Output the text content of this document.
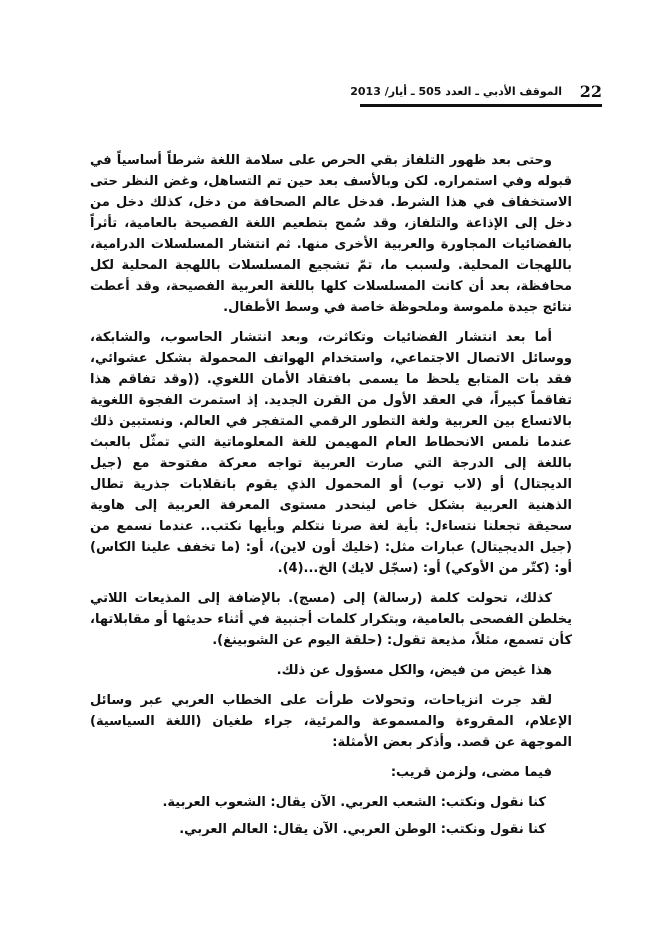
22
الموقف الأدبي ـ العدد 505 ـ أيار/ 2013

وحتى بعد ظهور التلفاز بقي الحرص على سلامة اللغة شرطاً أساسياً في قبوله وفي استمراره. لكن وبالأسف بعد حين تم التساهل، وغض النظر حتى الاستخفاف في هذا الشرط. فدخل عالم الصحافة من دخل، كذلك دخل من دخل إلى الإذاعة والتلفاز، وقد سُمح بتطعيم اللغة الفصيحة بالعامية، تأثراً بالفضائيات المجاورة والعربية الأخرى منها. ثم انتشار المسلسلات الدرامية، باللهجات المحلية. ولسبب ما، تمّ تشجيع المسلسلات باللهجة المحلية لكل محافظة، بعد أن كانت المسلسلات كلها باللغة العربية الفصيحة، وقد أعطت نتائج جيدة ملموسة وملحوظة خاصة في وسط الأطفال.

أما بعد انتشار الفضائيات وتكاثرت، وبعد انتشار الحاسوب، والشابكة، ووسائل الاتصال الاجتماعي، واستخدام الهواتف المحمولة بشكل عشوائي، فقد بات المتابع يلحظ ما يسمى بافتقاد الأمان اللغوي. ((وقد تفاقم هذا تفاقماً كبيراً، في العقد الأول من القرن الجديد. إذ استمرت الفجوة اللغوية بالاتساع بين العربية ولغة التطور الرقمي المتفجر في العالم. ونستبين ذلك عندما نلمس الانحطاط العام المهيمن للغة المعلوماتية التي تمثّل بالعبث باللغة إلى الدرجة التي صارت العربية تواجه معركة مفتوحة مع (جيل الديجتال) أو (لاب توب) أو المحمول الذي يقوم بانقلابات جذرية تطال الذهنية العربية بشكل خاص لينحدر مستوى المعرفة العربية إلى هاوية سحيقة تجعلنا نتساءل: بأية لغة صرنا نتكلم وبأيها نكتب.. عندما نسمع من (جيل الديجيتال) عبارات مثل: (خليك أون لاين)، أو: (ما تخفف علينا الكاس) أو: (كتّر من الأوكي) أو: (سجّل لايك) الخ...(4).

كذلك، تحولت كلمة (رسالة) إلى (مسج). بالإضافة إلى المذيعات اللاتي يخلطن الفصحى بالعامية، وبتكرار كلمات أجنبية في أثناء حديثها أو مقابلاتها، كأن تسمع، مثلاً، مذيعة تقول: (حلقة اليوم عن الشوبينغ).

هذا غيض من فيض، والكل مسؤول عن ذلك.

لقد جرت انزياحات، وتحولات طرأت على الخطاب العربي عبر وسائل الإعلام، المقروءة والمسموعة والمرئية، جراء طغيان (اللغة السياسية) الموجهة عن قصد. وأذكر بعض الأمثلة:

فيما مضى، ولزمن قريب:

كنا نقول ونكتب: الشعب العربي. الآن يقال: الشعوب العربية.

كنا نقول ونكتب: الوطن العربي. الآن يقال: العالم العربي.
